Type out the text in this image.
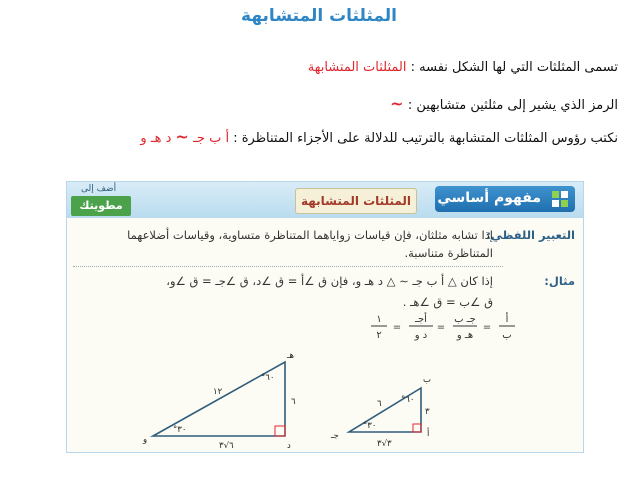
المثلثات المتشابهة
تسمى المثلثات التي لها الشكل نفسه : المثلثات المتشابهة
الرمز الذي يشير إلى مثلثين متشابهين : ∽
نكتب رؤوس المثلثات المتشابهة بالترتيب للدلالة على الأجزاء المتناظرة : أ ب جـ ∽ د هـ و
مفهوم أساسي
المثلثات المتشابهة
أضف إلى
مطويتك
التعبير اللفظي:
إذا تشابه مثلثان، فإن قياسات زواياهما المتناظرة متساوية، وقياسات أضلاعهما
المتناظرة متناسبة.
مثال:
إذا كان △ أ ب جـ ∽ △ د هـ و، فإن ق ∠أ = ق ∠د، ق ∠جـ = ق ∠و،
ق ∠ب = ق ∠هـ .
أ
ب
=
جـ ب
هـ و
=
أجـ
د و
=
١
٢
هـ
و
د
°٦٠
°٣٠
١٢
٦
٦√٣
ب
جـ	أ
°٦٠
°٣٠
٦
٣
٣√٣
